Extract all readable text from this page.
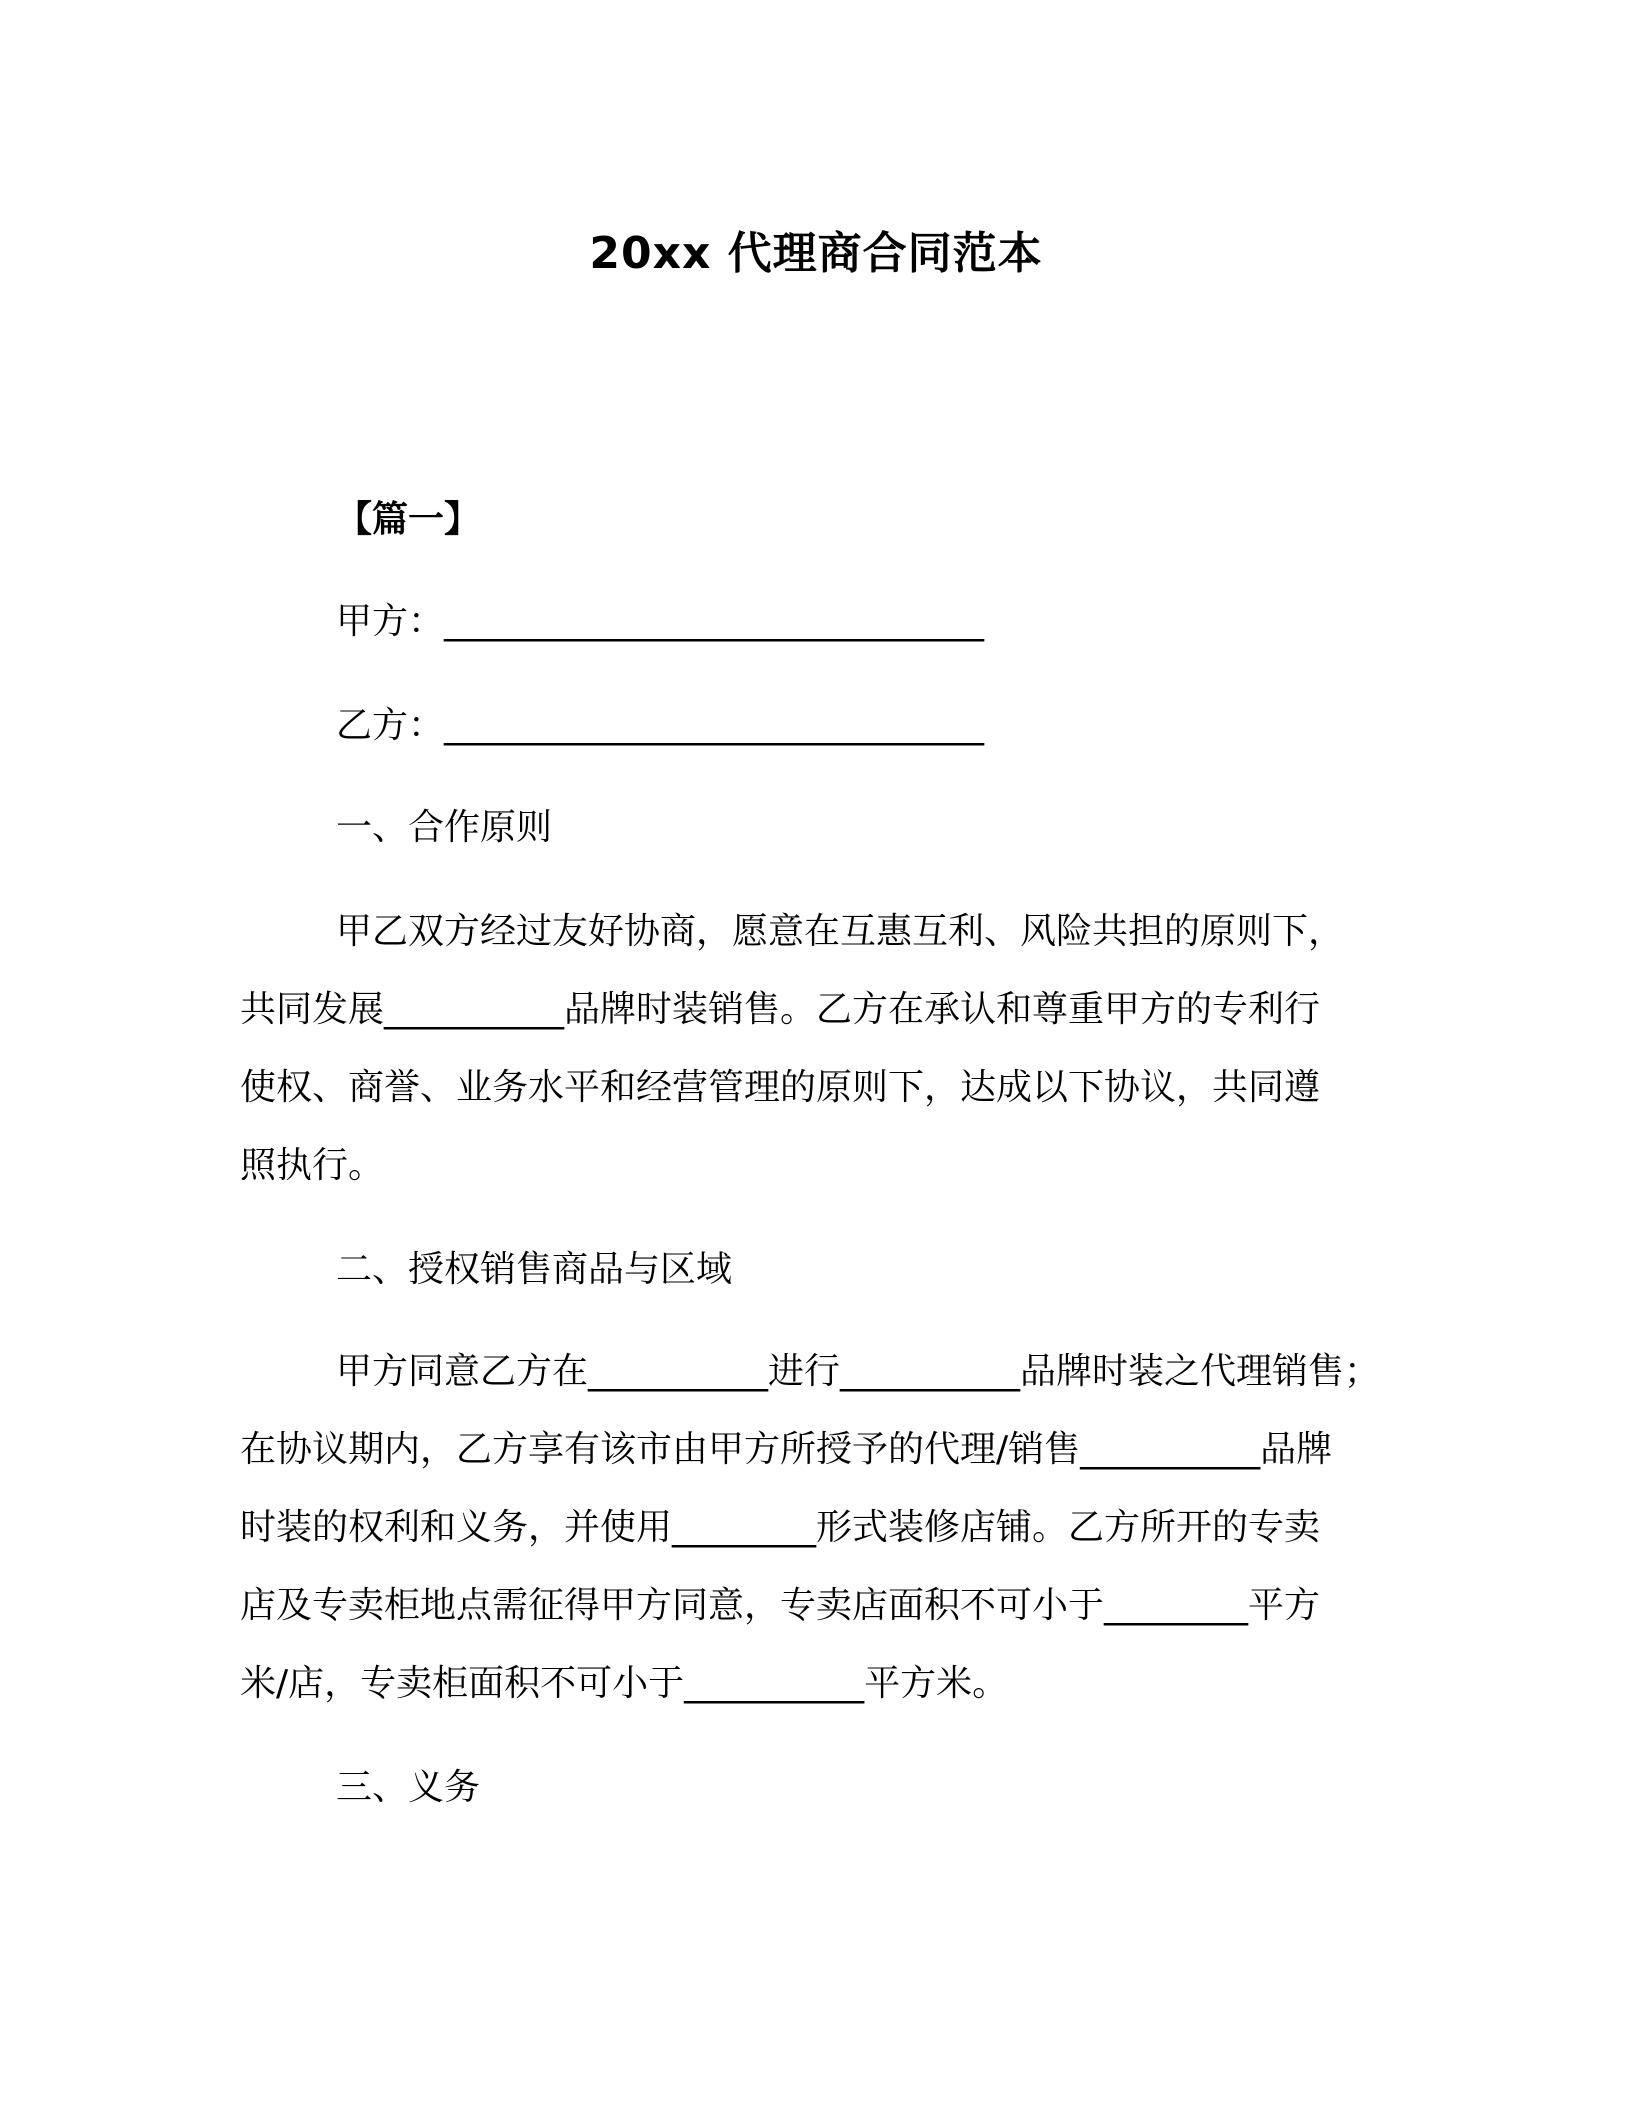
20xx 代理商合同范本

【篇一】

甲方：______________________________

乙方：______________________________

一、合作原则

甲乙双方经过友好协商，愿意在互惠互利、风险共担的原则下，

共同发展__________品牌时装销售。乙方在承认和尊重甲方的专利行

使权、商誉、业务水平和经营管理的原则下，达成以下协议，共同遵

照执行。

二、授权销售商品与区域

甲方同意乙方在__________进行__________品牌时装之代理销售；

在协议期内，乙方享有该市由甲方所授予的代理/销售__________品牌

时装的权利和义务，并使用________形式装修店铺。乙方所开的专卖

店及专卖柜地点需征得甲方同意，专卖店面积不可小于________平方

米/店，专卖柜面积不可小于__________平方米。

三、义务
